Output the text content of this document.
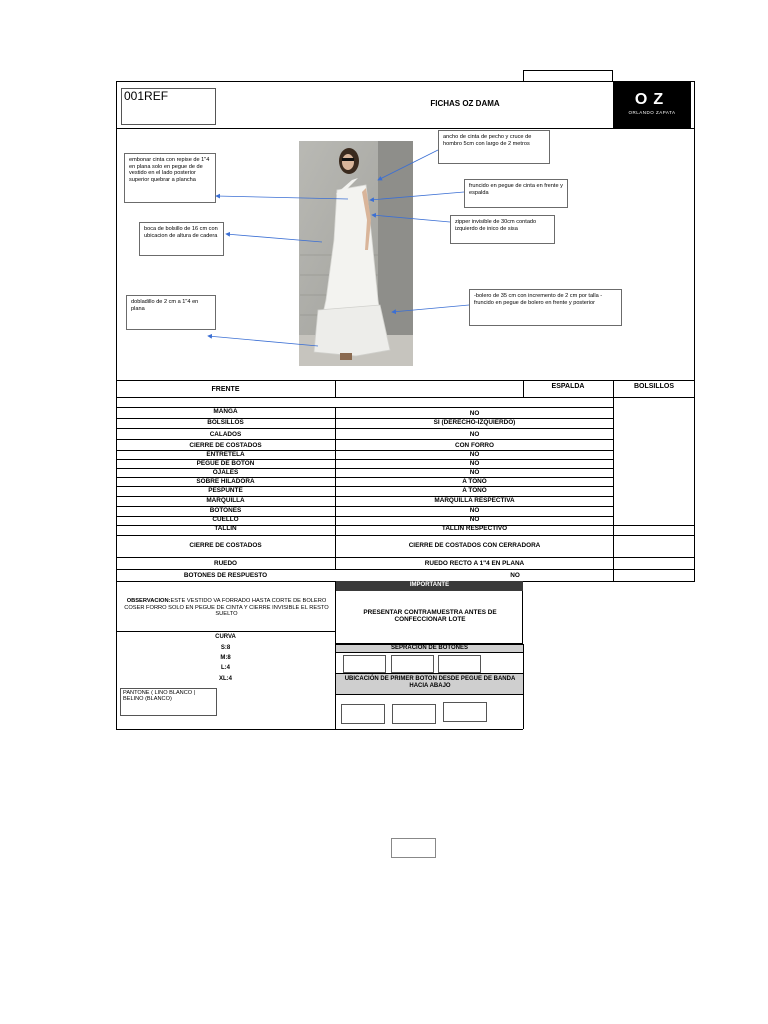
001REF
FICHAS OZ DAMA	OZ
ORLANDO ZAPATA
ancho de cinta de pecho y cruce de hombro 5cm con largo de 2 metros
embonar cinta con repise de 1"4 en plana solo en pegue de de vestido en el lado posterior superior quebrar a plancha
fruncido en pegue de cinta en frente y espalda
zipper invisible de 30cm contado izquierdo de inico de sisa
boca de bolsillo de 16 cm con ubicacion de altura de cadera
-bolero de 35 cm con incremento de 2 cm por talla - fruncido en pegue de bolero en frente y posterior
dobladillo de 2 cm a 1"4 en plana
FRENTE	ESPALDA	BOLSILLOS
MANGA	NO
BOLSILLOS	SI (DERECHO-IZQUIERDO)
CALADOS	NO
CIERRE DE COSTADOS	CON FORRO
ENTRETELA	NO
PEGUE DE BOTON	NO
OJALES	NO
SOBRE HILADORA	A TONO
PESPUNTE	A TONO
MARQUILLA	MARQUILLA RESPECTIVA
BOTONES	NO
CUELLO	NO
TALLIN	TALLIN RESPECTIVO
CIERRE DE COSTADOS	CIERRE DE COSTADOS CON CERRADORA
RUEDO	RUEDO RECTO A 1"4 EN PLANA
BOTONES DE RESPUESTO	NO
OBSERVACION:ESTE VESTIDO VA FORRADO HASTA CORTE DE BOLERO COSER FORRO SOLO EN PEGUE DE CINTA Y CIERRE INVISIBLE EL RESTO SUELTO
IMPORTANTE
PRESENTAR CONTRAMUESTRA ANTES DE CONFECCIONAR LOTE
CURVA
S:8
M:8
L:4
XL:4
PANTONE ( LINO BLANCO | BELINO (BLANCO)
SEPRACION DE BOTONES
UBICACIÓN DE PRIMER BOTON DESDE PEGUE DE BANDA HACIA ABAJO
